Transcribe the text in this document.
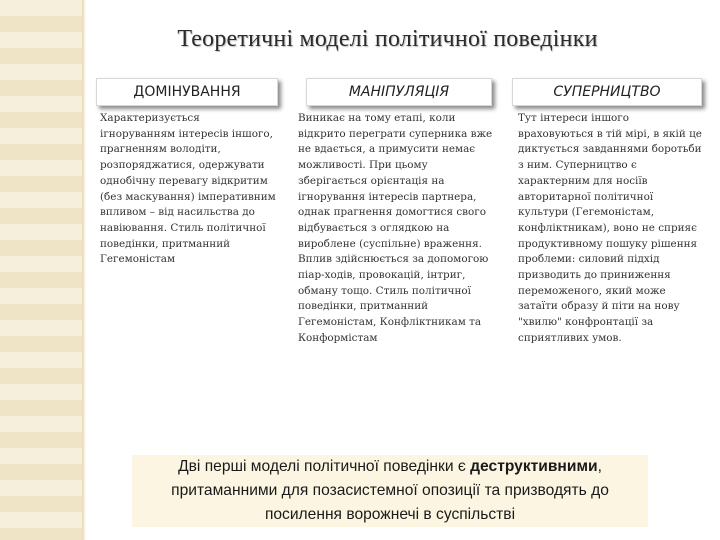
Теоретичні моделі політичної поведінки
ДОМІНУВАННЯ	МАНІПУЛЯЦІЯ	СУПЕРНИЦТВО
Характеризується ігноруванням інтересів іншого, прагненням володіти, розпоряджатися, одержувати однобічну перевагу відкритим (без маскування) імперативним впливом – від насильства до навіювання. Стиль політичної поведінки, притманний Гегемоністам
Виникає на тому етапі, коли відкрито перегpати суперника вже не вдається, а примусити немає можливості. При цьому зберігається орієнтація на ігнорування інтересів партнера, однак прагнення домогтися свого відбувається з оглядкою на вироблене (суспільне) враження. Вплив здійснюється за допомогою піар-ходів, провокацій, інтриг, обману тощо. Стиль політичної поведінки, притманний Гегемоністам, Конфліктникам та Конформістам
Тут інтереси іншого враховуються в тій мірі, в якій це диктується завданнями боротьби з ним. Суперництво є характерним для носіїв авторитарної політичної культури (Гегемоністам, конфліктникам), воно не сприяє продуктивному пошуку рішення проблеми: силовий підхід призводить до приниження переможеного, який може затаїти образу й піти на нову "хвилю" конфронтації за сприятливих умов.
Дві перші моделі політичної поведінки є деструктивними, притаманними для позасистемної опозиції та призводять до посилення ворожнечі в суспільстві
